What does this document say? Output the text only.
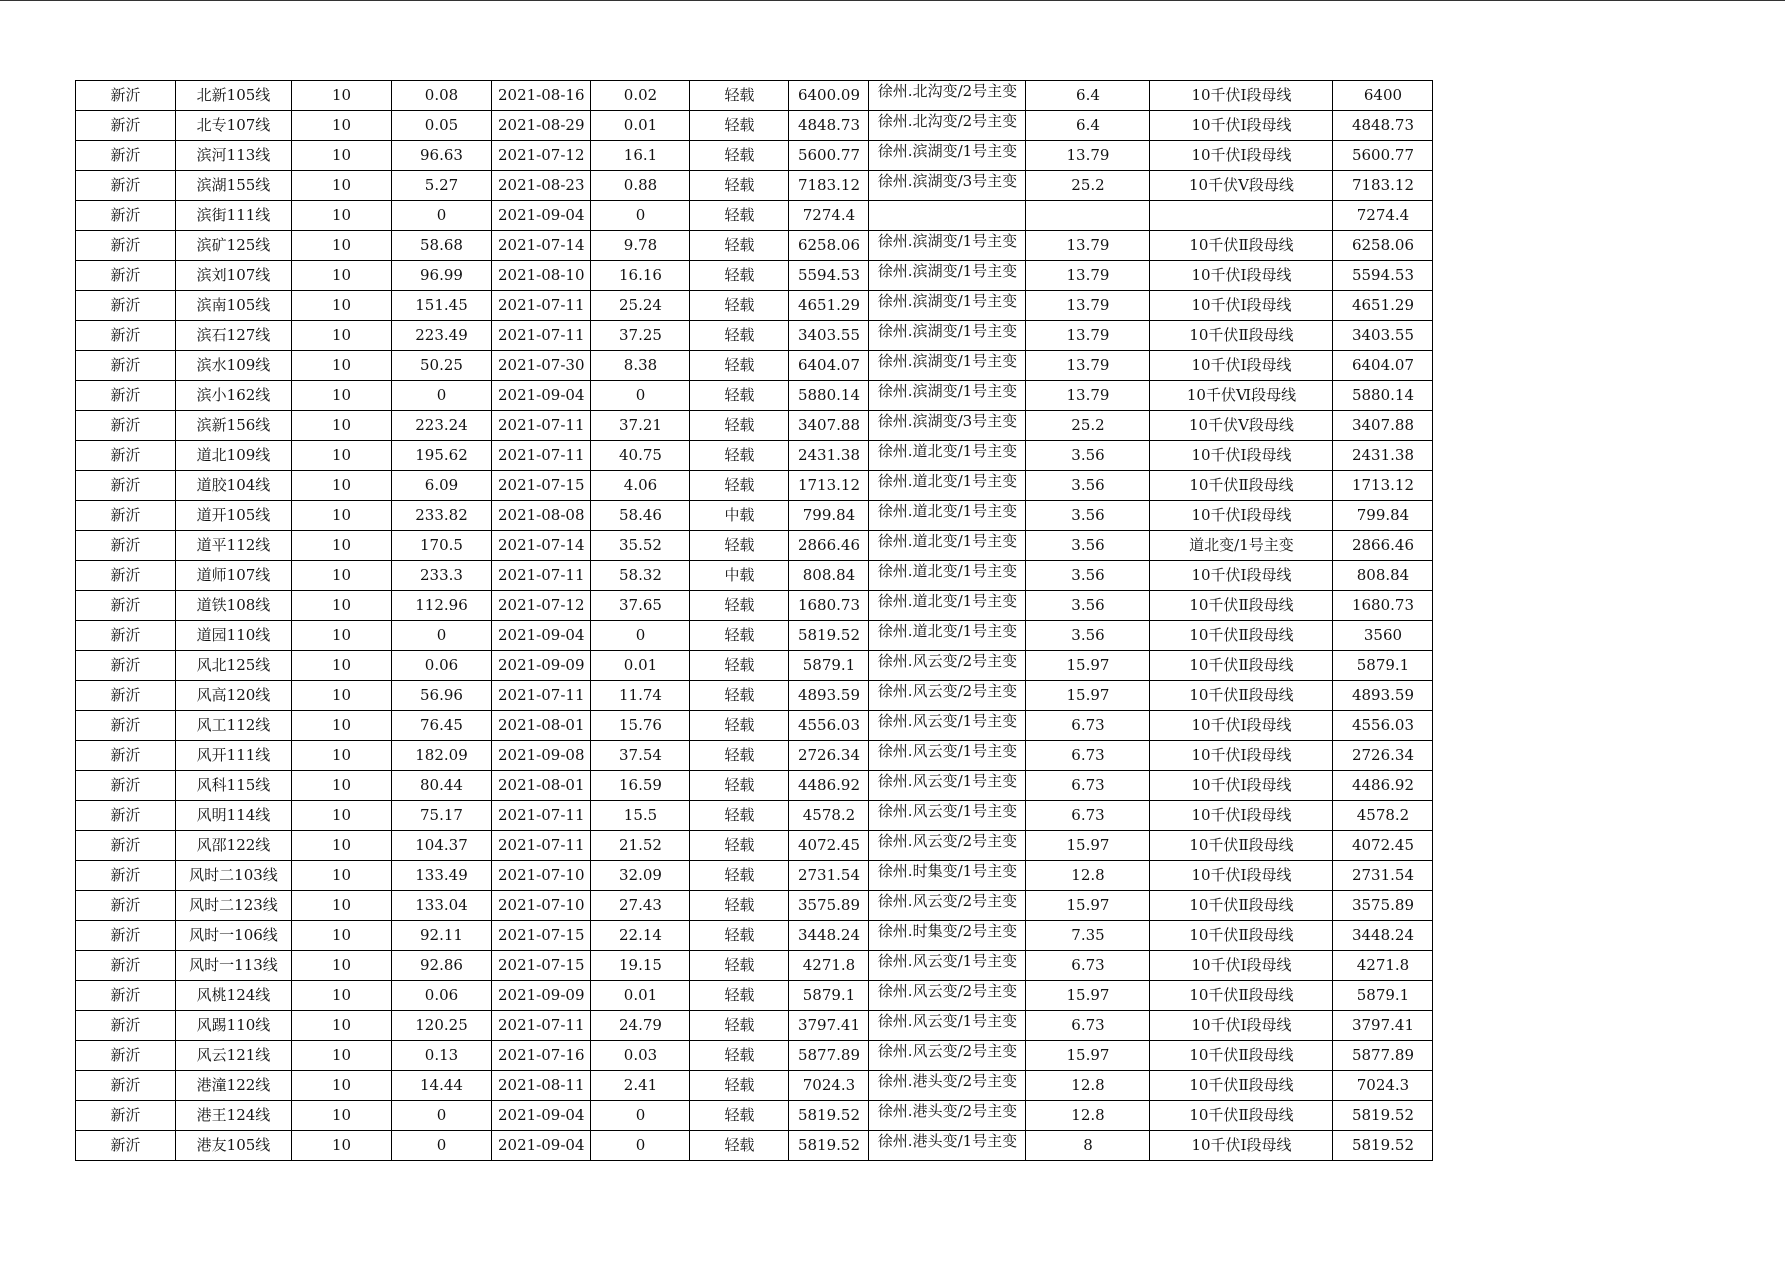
新沂	北新105线	10	0.08	2021-08-16	0.02	轻载	6400.09	徐州.北沟变/2号主变	6.4	10千伏Ⅰ段母线	6400
新沂	北专107线	10	0.05	2021-08-29	0.01	轻载	4848.73	徐州.北沟变/2号主变	6.4	10千伏Ⅰ段母线	4848.73
新沂	滨河113线	10	96.63	2021-07-12	16.1	轻载	5600.77	徐州.滨湖变/1号主变	13.79	10千伏Ⅰ段母线	5600.77
新沂	滨湖155线	10	5.27	2021-08-23	0.88	轻载	7183.12	徐州.滨湖变/3号主变	25.2	10千伏Ⅴ段母线	7183.12
新沂	滨街111线	10	0	2021-09-04	0	轻载	7274.4				7274.4
新沂	滨矿125线	10	58.68	2021-07-14	9.78	轻载	6258.06	徐州.滨湖变/1号主变	13.79	10千伏Ⅱ段母线	6258.06
新沂	滨刘107线	10	96.99	2021-08-10	16.16	轻载	5594.53	徐州.滨湖变/1号主变	13.79	10千伏Ⅰ段母线	5594.53
新沂	滨南105线	10	151.45	2021-07-11	25.24	轻载	4651.29	徐州.滨湖变/1号主变	13.79	10千伏Ⅰ段母线	4651.29
新沂	滨石127线	10	223.49	2021-07-11	37.25	轻载	3403.55	徐州.滨湖变/1号主变	13.79	10千伏Ⅱ段母线	3403.55
新沂	滨水109线	10	50.25	2021-07-30	8.38	轻载	6404.07	徐州.滨湖变/1号主变	13.79	10千伏Ⅰ段母线	6404.07
新沂	滨小162线	10	0	2021-09-04	0	轻载	5880.14	徐州.滨湖变/1号主变	13.79	10千伏Ⅵ段母线	5880.14
新沂	滨新156线	10	223.24	2021-07-11	37.21	轻载	3407.88	徐州.滨湖变/3号主变	25.2	10千伏Ⅴ段母线	3407.88
新沂	道北109线	10	195.62	2021-07-11	40.75	轻载	2431.38	徐州.道北变/1号主变	3.56	10千伏Ⅰ段母线	2431.38
新沂	道胶104线	10	6.09	2021-07-15	4.06	轻载	1713.12	徐州.道北变/1号主变	3.56	10千伏Ⅱ段母线	1713.12
新沂	道开105线	10	233.82	2021-08-08	58.46	中载	799.84	徐州.道北变/1号主变	3.56	10千伏Ⅰ段母线	799.84
新沂	道平112线	10	170.5	2021-07-14	35.52	轻载	2866.46	徐州.道北变/1号主变	3.56	道北变/1号主变	2866.46
新沂	道师107线	10	233.3	2021-07-11	58.32	中载	808.84	徐州.道北变/1号主变	3.56	10千伏Ⅰ段母线	808.84
新沂	道铁108线	10	112.96	2021-07-12	37.65	轻载	1680.73	徐州.道北变/1号主变	3.56	10千伏Ⅱ段母线	1680.73
新沂	道园110线	10	0	2021-09-04	0	轻载	5819.52	徐州.道北变/1号主变	3.56	10千伏Ⅱ段母线	3560
新沂	风北125线	10	0.06	2021-09-09	0.01	轻载	5879.1	徐州.风云变/2号主变	15.97	10千伏Ⅱ段母线	5879.1
新沂	风高120线	10	56.96	2021-07-11	11.74	轻载	4893.59	徐州.风云变/2号主变	15.97	10千伏Ⅱ段母线	4893.59
新沂	风工112线	10	76.45	2021-08-01	15.76	轻载	4556.03	徐州.风云变/1号主变	6.73	10千伏Ⅰ段母线	4556.03
新沂	风开111线	10	182.09	2021-09-08	37.54	轻载	2726.34	徐州.风云变/1号主变	6.73	10千伏Ⅰ段母线	2726.34
新沂	风科115线	10	80.44	2021-08-01	16.59	轻载	4486.92	徐州.风云变/1号主变	6.73	10千伏Ⅰ段母线	4486.92
新沂	风明114线	10	75.17	2021-07-11	15.5	轻载	4578.2	徐州.风云变/1号主变	6.73	10千伏Ⅰ段母线	4578.2
新沂	风邵122线	10	104.37	2021-07-11	21.52	轻载	4072.45	徐州.风云变/2号主变	15.97	10千伏Ⅱ段母线	4072.45
新沂	风时二103线	10	133.49	2021-07-10	32.09	轻载	2731.54	徐州.时集变/1号主变	12.8	10千伏Ⅰ段母线	2731.54
新沂	风时二123线	10	133.04	2021-07-10	27.43	轻载	3575.89	徐州.风云变/2号主变	15.97	10千伏Ⅱ段母线	3575.89
新沂	风时一106线	10	92.11	2021-07-15	22.14	轻载	3448.24	徐州.时集变/2号主变	7.35	10千伏Ⅱ段母线	3448.24
新沂	风时一113线	10	92.86	2021-07-15	19.15	轻载	4271.8	徐州.风云变/1号主变	6.73	10千伏Ⅰ段母线	4271.8
新沂	风桃124线	10	0.06	2021-09-09	0.01	轻载	5879.1	徐州.风云变/2号主变	15.97	10千伏Ⅱ段母线	5879.1
新沂	风踢110线	10	120.25	2021-07-11	24.79	轻载	3797.41	徐州.风云变/1号主变	6.73	10千伏Ⅰ段母线	3797.41
新沂	风云121线	10	0.13	2021-07-16	0.03	轻载	5877.89	徐州.风云变/2号主变	15.97	10千伏Ⅱ段母线	5877.89
新沂	港潼122线	10	14.44	2021-08-11	2.41	轻载	7024.3	徐州.港头变/2号主变	12.8	10千伏Ⅱ段母线	7024.3
新沂	港王124线	10	0	2021-09-04	0	轻载	5819.52	徐州.港头变/2号主变	12.8	10千伏Ⅱ段母线	5819.52
新沂	港友105线	10	0	2021-09-04	0	轻载	5819.52	徐州.港头变/1号主变	8	10千伏Ⅰ段母线	5819.52
